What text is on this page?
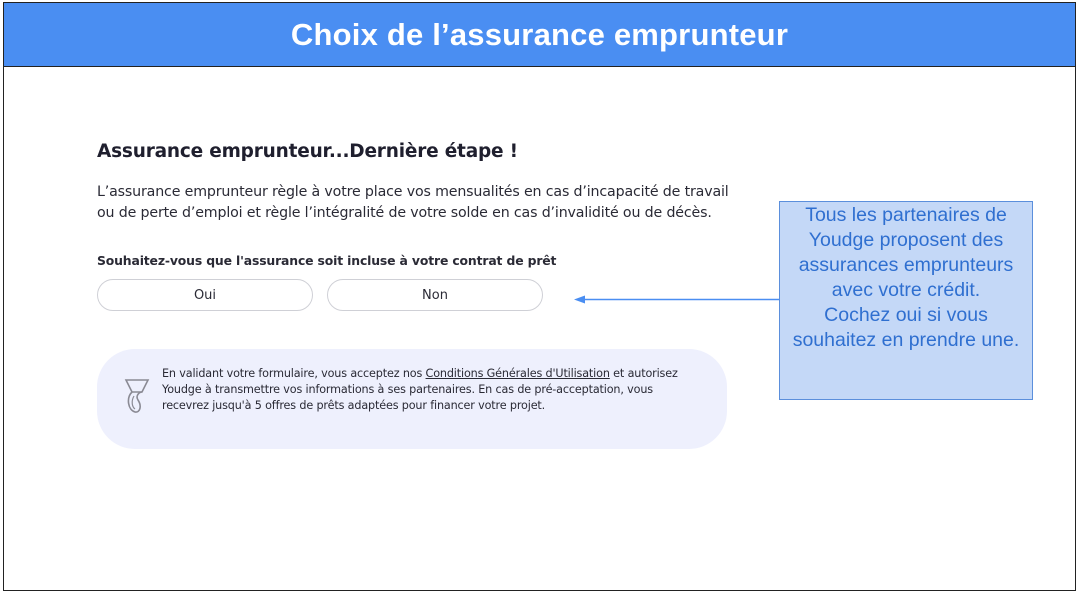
Choix de l’assurance emprunteur
Assurance emprunteur...Dernière étape !

L’assurance emprunteur règle à votre place vos mensualités en cas d’incapacité de travail ou de perte d’emploi et règle l’intégralité de votre solde en cas d’invalidité ou de décès.

Souhaitez-vous que l'assurance soit incluse à votre contrat de prêt

Oui	Non

En validant votre formulaire, vous acceptez nos Conditions Générales d'Utilisation et autorisez Youdge à transmettre vos informations à ses partenaires. En cas de pré-acceptation, vous recevrez jusqu'à 5 offres de prêts adaptées pour financer votre projet.

Tous les partenaires de Youdge proposent des assurances emprunteurs avec votre crédit.
Cochez oui si vous souhaitez en prendre une.
